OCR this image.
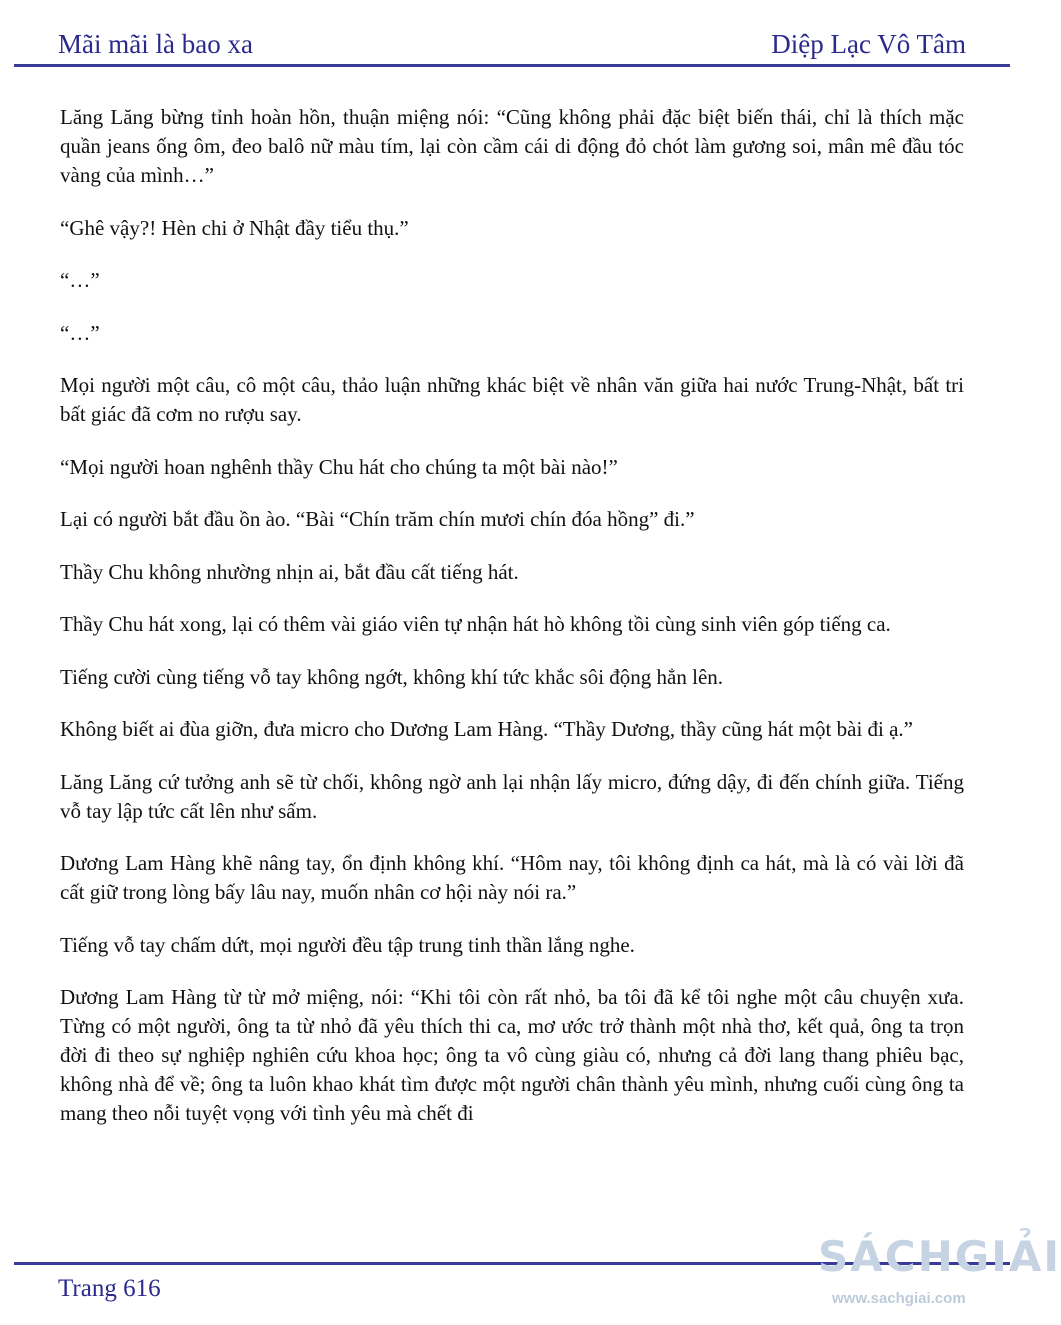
Mãi mãi là bao xa	Diệp Lạc Vô Tâm

Lăng Lăng bừng tỉnh hoàn hồn, thuận miệng nói: “Cũng không phải đặc biệt biến thái, chỉ là thích mặc quần jeans ống ôm, đeo balô nữ màu tím, lại còn cầm cái di động đỏ chót làm gương soi, mân mê đầu tóc vàng của mình…”

“Ghê vậy?! Hèn chi ở Nhật đầy tiểu thụ.”

“…”

“…”

Mọi người một câu, cô một câu, thảo luận những khác biệt về nhân văn giữa hai nước Trung-Nhật, bất tri bất giác đã cơm no rượu say.

“Mọi người hoan nghênh thầy Chu hát cho chúng ta một bài nào!”

Lại có người bắt đầu ồn ào. “Bài “Chín trăm chín mươi chín đóa hồng” đi.”

Thầy Chu không nhường nhịn ai, bắt đầu cất tiếng hát.

Thầy Chu hát xong, lại có thêm vài giáo viên tự nhận hát hò không tồi cùng sinh viên góp tiếng ca.

Tiếng cười cùng tiếng vỗ tay không ngớt, không khí tức khắc sôi động hẳn lên.

Không biết ai đùa giỡn, đưa micro cho Dương Lam Hàng. “Thầy Dương, thầy cũng hát một bài đi ạ.”

Lăng Lăng cứ tưởng anh sẽ từ chối, không ngờ anh lại nhận lấy micro, đứng dậy, đi đến chính giữa. Tiếng vỗ tay lập tức cất lên như sấm.

Dương Lam Hàng khẽ nâng tay, ổn định không khí. “Hôm nay, tôi không định ca hát, mà là có vài lời đã cất giữ trong lòng bấy lâu nay, muốn nhân cơ hội này nói ra.”

Tiếng vỗ tay chấm dứt, mọi người đều tập trung tinh thần lắng nghe.

Dương Lam Hàng từ từ mở miệng, nói: “Khi tôi còn rất nhỏ, ba tôi đã kể tôi nghe một câu chuyện xưa. Từng có một người, ông ta từ nhỏ đã yêu thích thi ca, mơ ước trở thành một nhà thơ, kết quả, ông ta trọn đời đi theo sự nghiệp nghiên cứu khoa học; ông ta vô cùng giàu có, nhưng cả đời lang thang phiêu bạc, không nhà để về; ông ta luôn khao khát tìm được một người chân thành yêu mình, nhưng cuối cùng ông ta mang theo nỗi tuyệt vọng với tình yêu mà chết đi

Trang 616
SÁCHGIẢI
www.sachgiai.com
